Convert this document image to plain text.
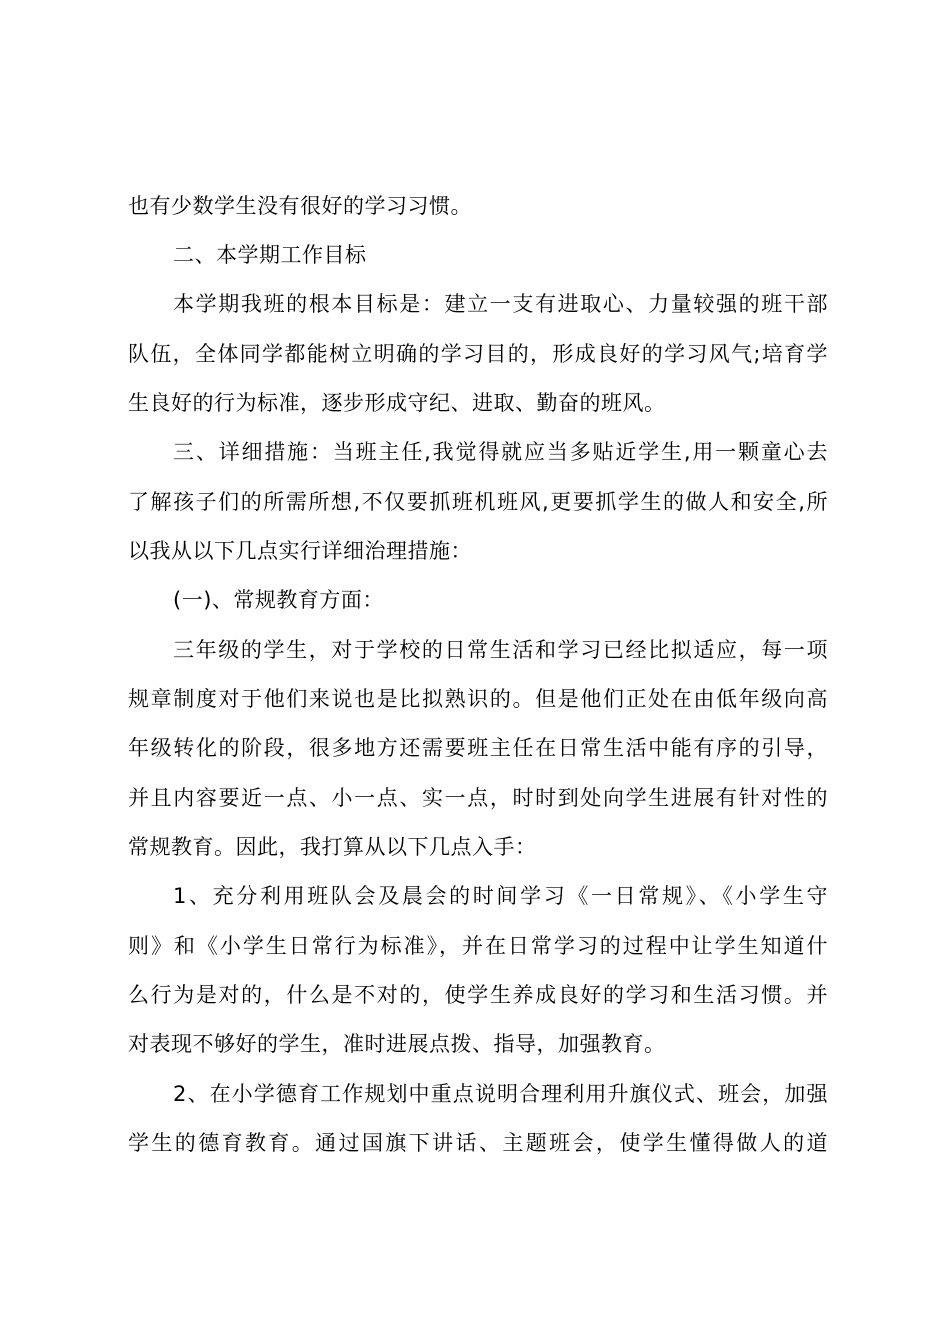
也有少数学生没有很好的学习习惯。
二、本学期工作目标
本学期我班的根本目标是：建立一支有进取心、力量较强的班干部
队伍，全体同学都能树立明确的学习目的，形成良好的学习风气;培育学
生良好的行为标准，逐步形成守纪、进取、勤奋的班风。
三、详细措施：当班主任,我觉得就应当多贴近学生,用一颗童心去
了解孩子们的所需所想,不仅要抓班机班风,更要抓学生的做人和安全,所
以我从以下几点实行详细治理措施：
(一)、常规教育方面：
三年级的学生，对于学校的日常生活和学习已经比拟适应，每一项
规章制度对于他们来说也是比拟熟识的。但是他们正处在由低年级向高
年级转化的阶段，很多地方还需要班主任在日常生活中能有序的引导，
并且内容要近一点、小一点、实一点，时时到处向学生进展有针对性的
常规教育。因此，我打算从以下几点入手：
1、充分利用班队会及晨会的时间学习《一日常规》、《小学生守
则》和《小学生日常行为标准》，并在日常学习的过程中让学生知道什
么行为是对的，什么是不对的，使学生养成良好的学习和生活习惯。并
对表现不够好的学生，准时进展点拨、指导，加强教育。
2、在小学德育工作规划中重点说明合理利用升旗仪式、班会，加强
学生的德育教育。通过国旗下讲话、主题班会，使学生懂得做人的道
